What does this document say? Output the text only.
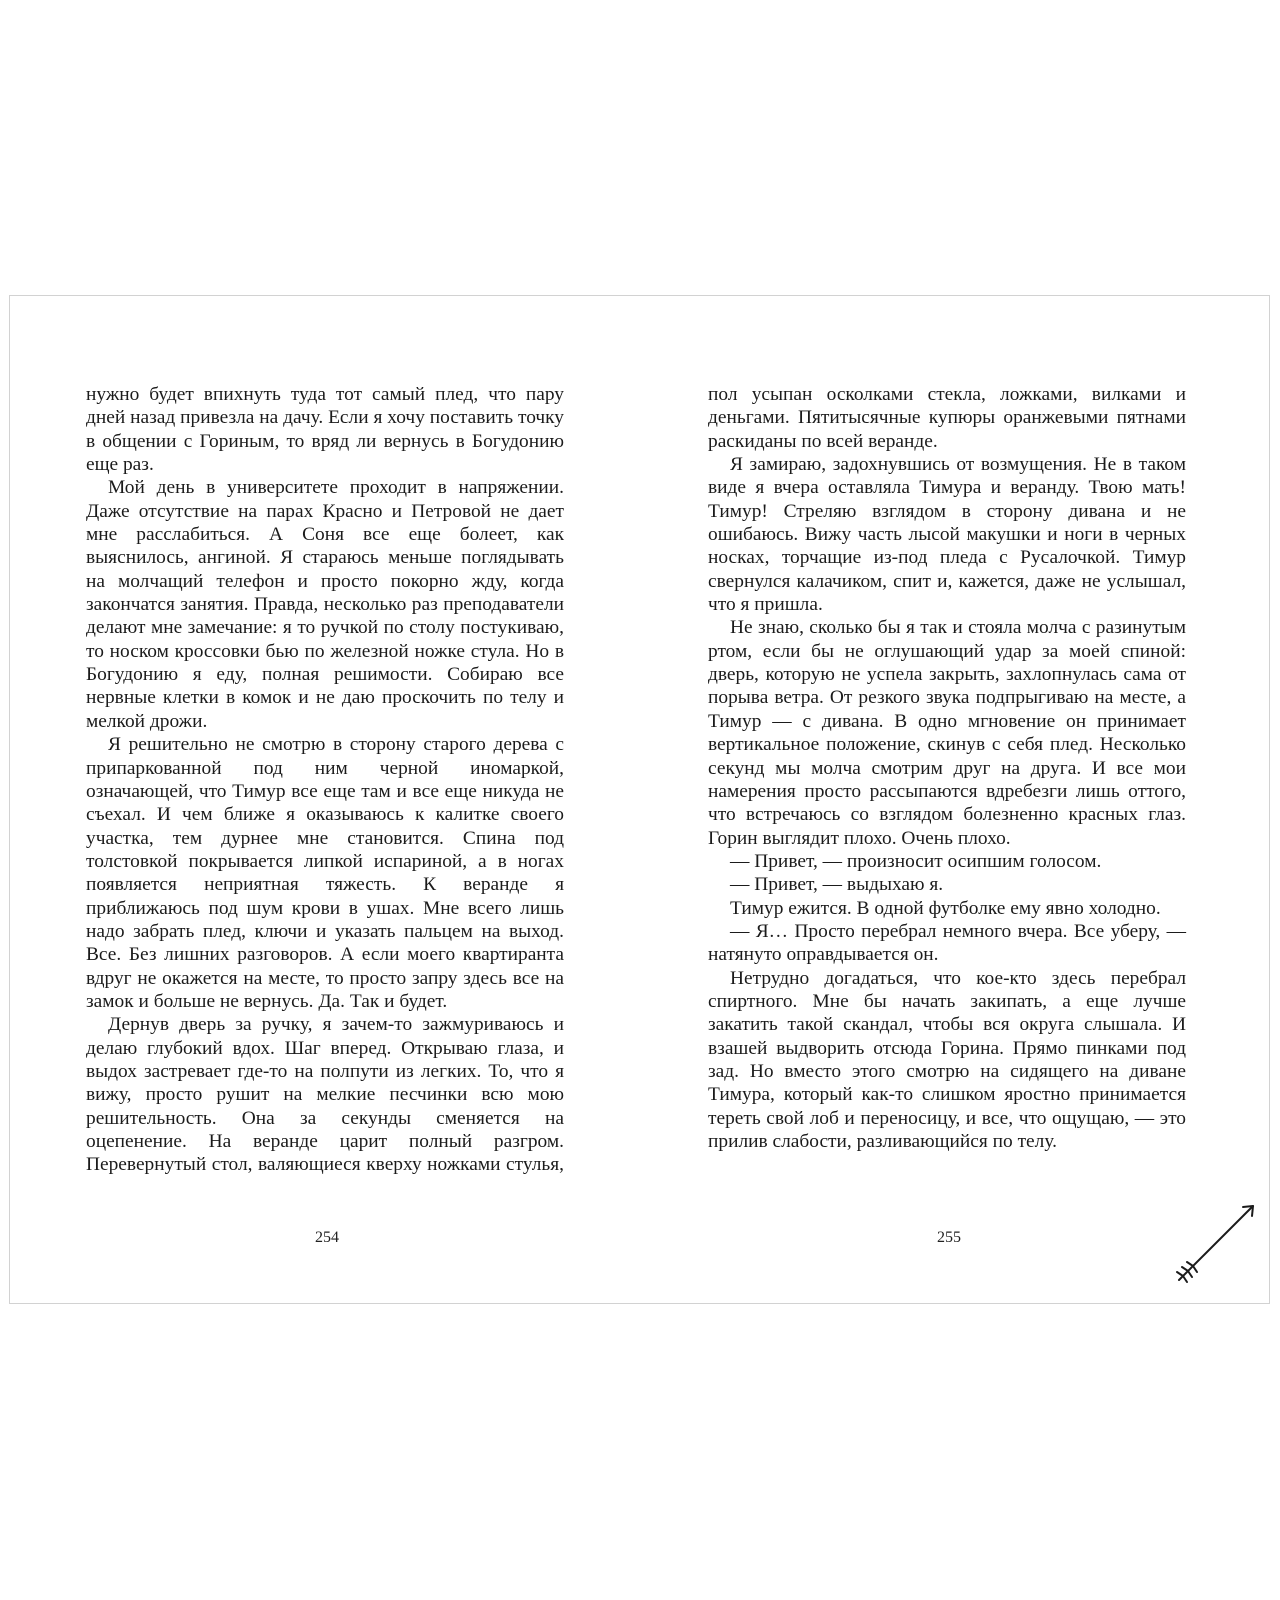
нужно будет впихнуть туда тот самый плед, что пару дней назад привезла на дачу. Если я хочу поставить точку в общении с Гориным, то вряд ли вернусь в Богудонию еще раз.

Мой день в университете проходит в напряжении. Даже отсутствие на парах Красно и Петровой не дает мне расслабиться. А Соня все еще болеет, как выяснилось, ангиной. Я стараюсь меньше поглядывать на молчащий телефон и просто покорно жду, когда закончатся занятия. Правда, несколько раз преподаватели делают мне замечание: я то ручкой по столу постукиваю, то носком кроссовки бью по железной ножке стула. Но в Богудонию я еду, полная решимости. Собираю все нервные клетки в комок и не даю проскочить по телу и мелкой дрожи.

Я решительно не смотрю в сторону старого дерева с припаркованной под ним черной иномаркой, означающей, что Тимур все еще там и все еще никуда не съехал. И чем ближе я оказываюсь к калитке своего участка, тем дурнее мне становится. Спина под толстовкой покрывается липкой испариной, а в ногах появляется неприятная тяжесть. К веранде я приближаюсь под шум крови в ушах. Мне всего лишь надо забрать плед, ключи и указать пальцем на выход. Все. Без лишних разговоров. А если моего квартиранта вдруг не окажется на месте, то просто запру здесь все на замок и больше не вернусь. Да. Так и будет.

Дернув дверь за ручку, я зачем-то зажмуриваюсь и делаю глубокий вдох. Шаг вперед. Открываю глаза, и выдох застревает где-то на полпути из легких. То, что я вижу, просто рушит на мелкие песчинки всю мою решительность. Она за секунды сменяется на оцепенение. На веранде царит полный разгром. Перевернутый стол, валяющиеся кверху ножками стулья,

пол усыпан осколками стекла, ложками, вилками и деньгами. Пятитысячные купюры оранжевыми пятнами раскиданы по всей веранде.

Я замираю, задохнувшись от возмущения. Не в таком виде я вчера оставляла Тимура и веранду. Твою мать! Тимур! Стреляю взглядом в сторону дивана и не ошибаюсь. Вижу часть лысой макушки и ноги в черных носках, торчащие из-под пледа с Русалочкой. Тимур свернулся калачиком, спит и, кажется, даже не услышал, что я пришла.

Не знаю, сколько бы я так и стояла молча с разинутым ртом, если бы не оглушающий удар за моей спиной: дверь, которую не успела закрыть, захлопнулась сама от порыва ветра. От резкого звука подпрыгиваю на месте, а Тимур — с дивана. В одно мгновение он принимает вертикальное положение, скинув с себя плед. Несколько секунд мы молча смотрим друг на друга. И все мои намерения просто рассыпаются вдребезги лишь оттого, что встречаюсь со взглядом болезненно красных глаз. Горин выглядит плохо. Очень плохо.

— Привет, — произносит осипшим голосом.

— Привет, — выдыхаю я.

Тимур ежится. В одной футболке ему явно холодно.

— Я… Просто перебрал немного вчера. Все уберу, — натянуто оправдывается он.

Нетрудно догадаться, что кое-кто здесь перебрал спиртного. Мне бы начать закипать, а еще лучше закатить такой скандал, чтобы вся округа слышала. И взашей выдворить отсюда Горина. Прямо пинками под зад. Но вместо этого смотрю на сидящего на диване Тимура, который как-то слишком яростно принимается тереть свой лоб и переносицу, и все, что ощущаю, — это прилив слабости, разливающийся по телу.

254	255
